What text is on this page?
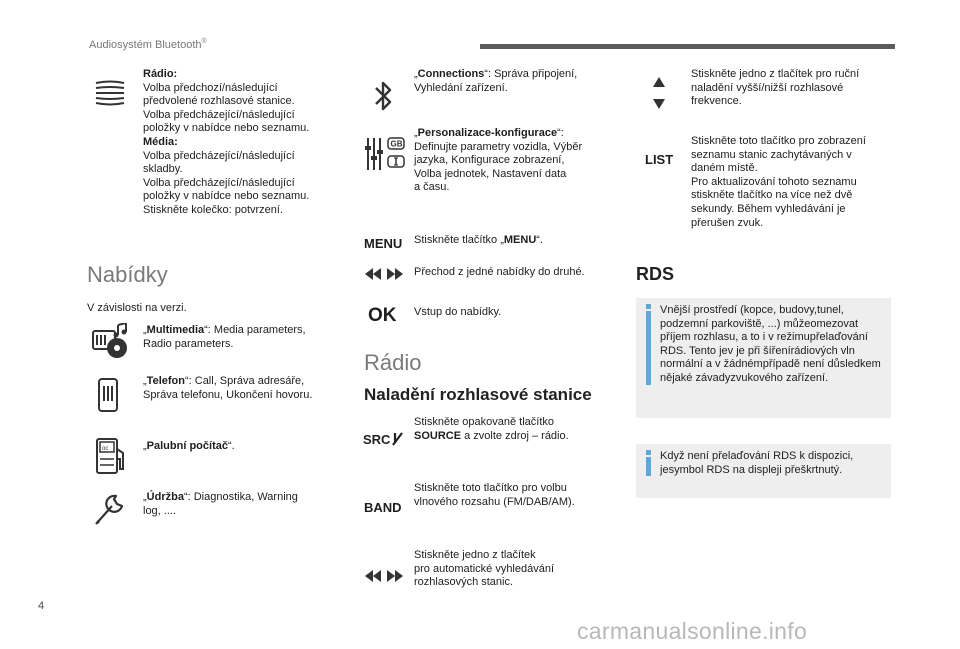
Audiosystém Bluetooth®
Rádio:
Volba předchozí/následující
předvolené rozhlasové stanice.
Volba předcházející/následující
položky v nabídce nebo seznamu.
Média:
Volba předcházející/následující
skladby.
Volba předcházející/následující
položky v nabídce nebo seznamu.
Stiskněte kolečko: potvrzení.
Nabídky
V závislosti na verzi.
„Multimedia“: Media parameters,
Radio parameters.
„Telefon“: Call, Správa adresáře,
Správa telefonu, Ukončení hovoru.
oc	„Palubní počítač“.
„Údržba“: Diagnostika, Warning
log, ....
„Connections“: Správa připojení,
Vyhledání zařízení.
GB
„Personalizace-konfigurace“:
Definujte parametry vozidla, Výběr
jazyka, Konfigurace zobrazení,
Volba jednotek, Nastavení data
a času.
MENU Stiskněte tlačítko „MENU“.
Přechod z jedné nabídky do druhé.
OK Vstup do nabídky.
Rádio
Naladění rozhlasové stanice
SRC
Stiskněte opakovaně tlačítko
SOURCE a zvolte zdroj – rádio.
BAND
Stiskněte toto tlačítko pro volbu
vlnového rozsahu (FM/DAB/AM).
Stiskněte jedno z tlačítek
pro automatické vyhledávání
rozhlasových stanic.
Stiskněte jedno z tlačítek pro ruční
naladění vyšší/nižší rozhlasové
frekvence.
LIST
Stiskněte toto tlačítko pro zobrazení
seznamu stanic zachytávaných v
daném místě.
Pro aktualizování tohoto seznamu
stiskněte tlačítko na více než dvě
sekundy. Během vyhledávání je
přerušen zvuk.
RDS
Vnější prostředí (kopce, budovy,tunel, podzemní parkoviště, ...) můžeomezovat příjem rozhlasu, a to i v režimupřelaďování RDS. Tento jev je při šířenírádiových vln normální a v žádnémpřípadě není důsledkem nějaké závadyzvukového zařízení.
Když není přelaďování RDS k dispozici, jesymbol RDS na displeji přeškrtnutý.
4
carmanualsonline.info
